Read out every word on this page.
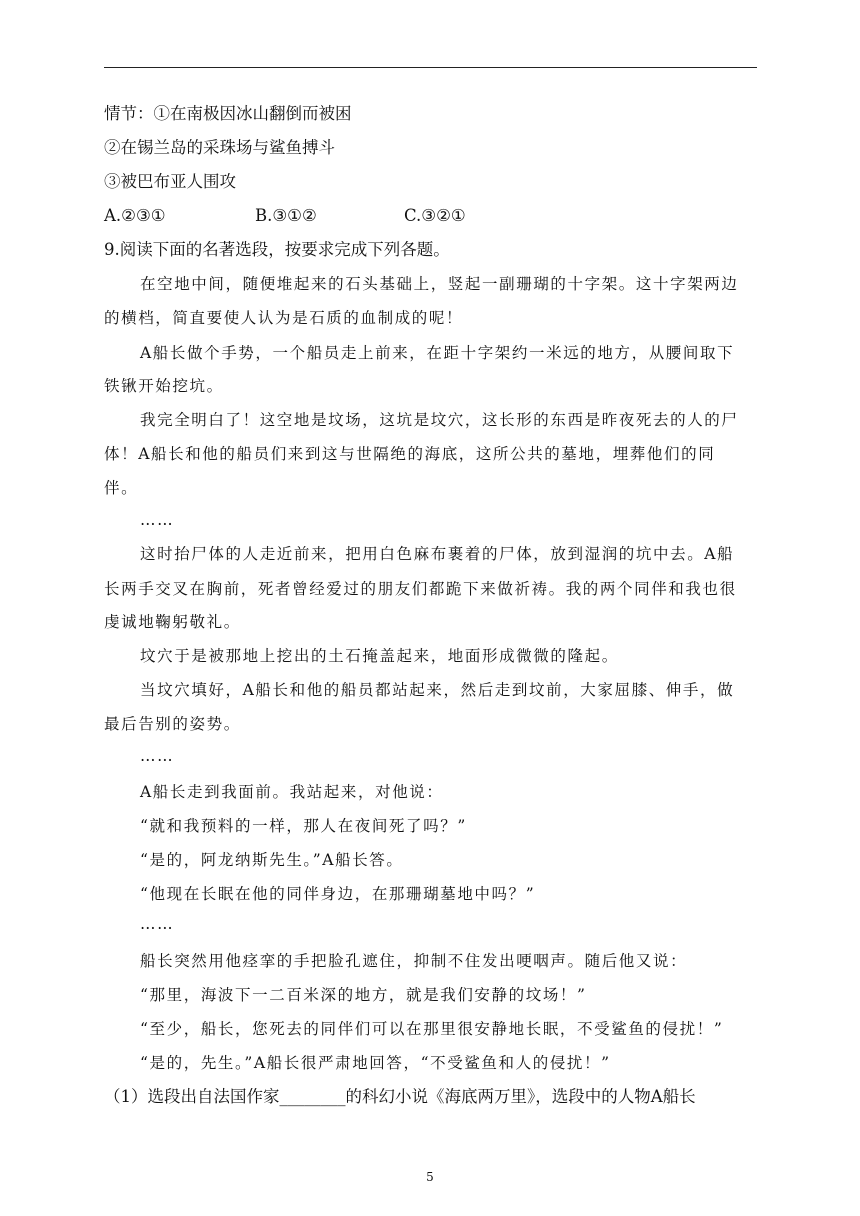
情节：①在南极因冰山翻倒而被困
②在锡兰岛的采珠场与鲨鱼搏斗
③被巴布亚人围攻
A.②③①	B.③①②	C.③②①
9.阅读下面的名著选段，按要求完成下列各题。
在空地中间，随便堆起来的石头基础上，竖起一副珊瑚的十字架。这十字架两边
的横档，简直要使人认为是石质的血制成的呢！
A船长做个手势，一个船员走上前来，在距十字架约一米远的地方，从腰间取下
铁锹开始挖坑。
我完全明白了！这空地是坟场，这坑是坟穴，这长形的东西是昨夜死去的人的尸
体！A船长和他的船员们来到这与世隔绝的海底，这所公共的墓地，埋葬他们的同
伴。
……
这时抬尸体的人走近前来，把用白色麻布裹着的尸体，放到湿润的坑中去。A船
长两手交叉在胸前，死者曾经爱过的朋友们都跪下来做祈祷。我的两个同伴和我也很
虔诚地鞠躬敬礼。
坟穴于是被那地上挖出的土石掩盖起来，地面形成微微的隆起。
当坟穴填好，A船长和他的船员都站起来，然后走到坟前，大家屈膝、伸手，做
最后告别的姿势。
……
A船长走到我面前。我站起来，对他说：
“就和我预料的一样，那人在夜间死了吗？”
“是的，阿龙纳斯先生。”A船长答。
“他现在长眠在他的同伴身边，在那珊瑚墓地中吗？”
……
船长突然用他痉挛的手把脸孔遮住，抑制不住发出哽咽声。随后他又说：
“那里，海波下一二百米深的地方，就是我们安静的坟场！”
“至少，船长，您死去的同伴们可以在那里很安静地长眠，不受鲨鱼的侵扰！”
“是的，先生。”A船长很严肃地回答，“不受鲨鱼和人的侵扰！”
（1）选段出自法国作家________的科幻小说《海底两万里》，选段中的人物A船长
5
